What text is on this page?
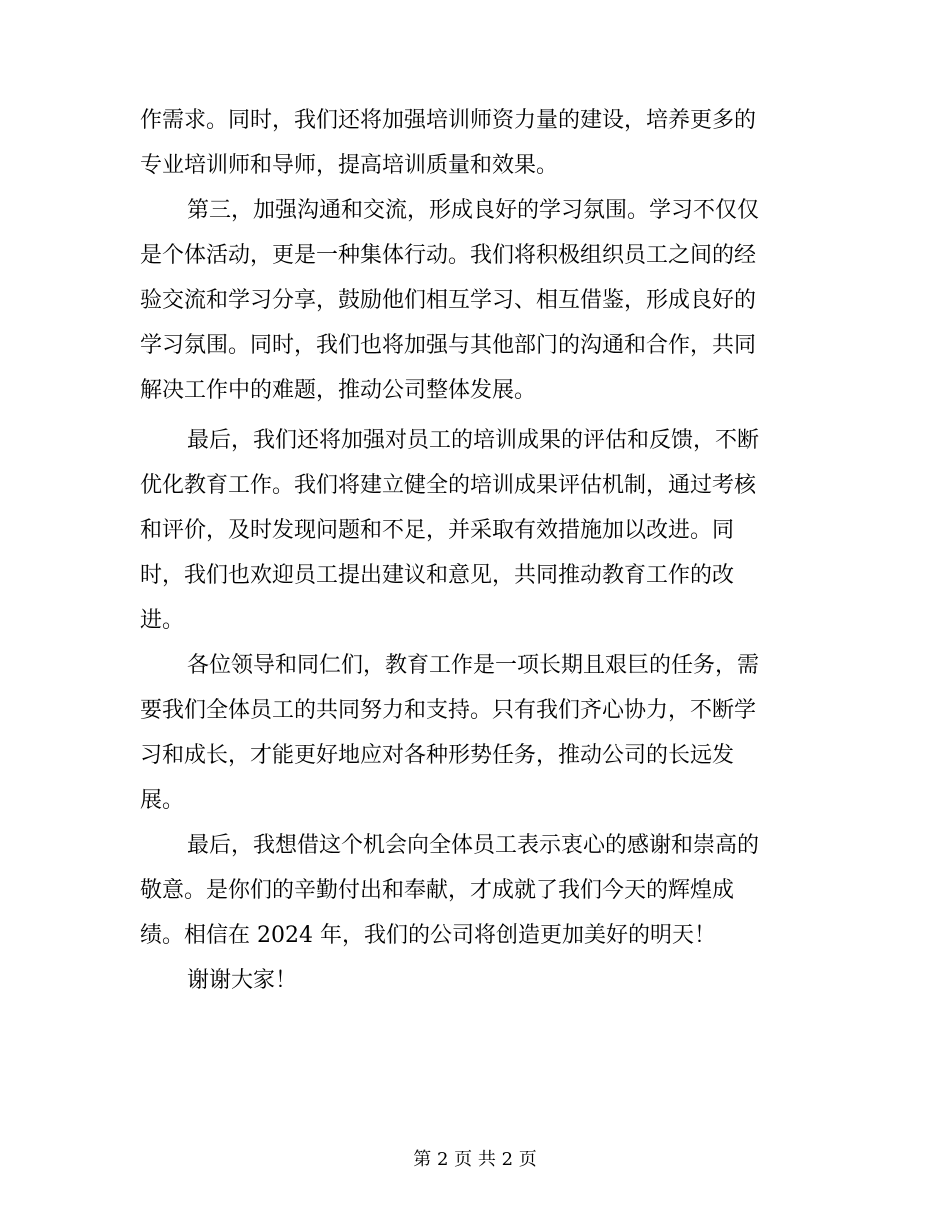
作需求。同时，我们还将加强培训师资力量的建设，培养更多的
专业培训师和导师，提高培训质量和效果。
第三，加强沟通和交流，形成良好的学习氛围。学习不仅仅
是个体活动，更是一种集体行动。我们将积极组织员工之间的经
验交流和学习分享，鼓励他们相互学习、相互借鉴，形成良好的
学习氛围。同时，我们也将加强与其他部门的沟通和合作，共同
解决工作中的难题，推动公司整体发展。
最后，我们还将加强对员工的培训成果的评估和反馈，不断
优化教育工作。我们将建立健全的培训成果评估机制，通过考核
和评价，及时发现问题和不足，并采取有效措施加以改进。同
时，我们也欢迎员工提出建议和意见，共同推动教育工作的改
进。
各位领导和同仁们，教育工作是一项长期且艰巨的任务，需
要我们全体员工的共同努力和支持。只有我们齐心协力，不断学
习和成长，才能更好地应对各种形势任务，推动公司的长远发
展。
最后，我想借这个机会向全体员工表示衷心的感谢和崇高的
敬意。是你们的辛勤付出和奉献，才成就了我们今天的辉煌成
绩。相信在 2024 年，我们的公司将创造更加美好的明天！
谢谢大家！
第 2 页 共 2 页
